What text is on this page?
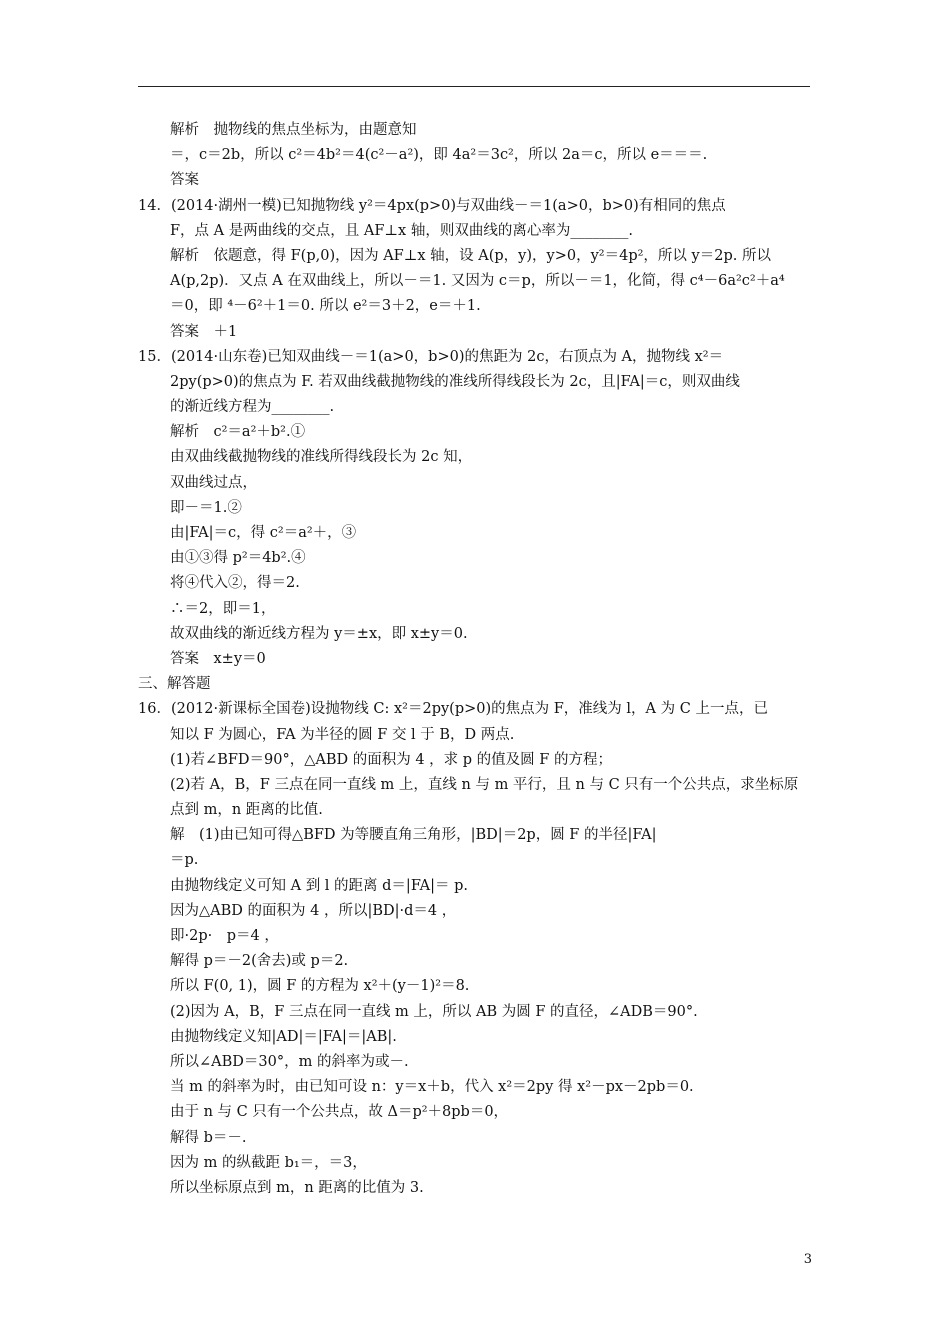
解析　抛物线的焦点坐标为，由题意知
＝，c＝2b，所以 c²＝4b²＝4(c²－a²)，即 4a²＝3c²，所以 2a＝c，所以 e＝＝＝.
答案
14．(2014·湖州一模)已知抛物线 y²＝4px(p>0)与双曲线－＝1(a>0，b>0)有相同的焦点
F，点 A 是两曲线的交点，且 AF⊥x 轴，则双曲线的离心率为________.
解析　依题意，得 F(p,0)，因为 AF⊥x 轴，设 A(p，y)，y>0，y²＝4p²，所以 y＝2p. 所以
A(p,2p)．又点 A 在双曲线上，所以－＝1. 又因为 c＝p，所以－＝1，化简，得 c⁴－6a²c²＋a⁴
＝0，即 ⁴－6²＋1＝0. 所以 e²＝3＋2，e＝＋1.
答案　＋1
15．(2014·山东卷)已知双曲线－＝1(a>0，b>0)的焦距为 2c，右顶点为 A，抛物线 x²＝
2py(p>0)的焦点为 F. 若双曲线截抛物线的准线所得线段长为 2c，且|FA|＝c，则双曲线
的渐近线方程为________.
解析　c²＝a²＋b².①
由双曲线截抛物线的准线所得线段长为 2c 知，
双曲线过点，
即－＝1.②
由|FA|＝c，得 c²＝a²＋，③
由①③得 p²＝4b².④
将④代入②，得＝2.
∴＝2，即＝1，
故双曲线的渐近线方程为 y＝±x，即 x±y＝0.
答案　x±y＝0
三、解答题
16．(2012·新课标全国卷)设抛物线 C: x²＝2py(p>0)的焦点为 F，准线为 l，A 为 C 上一点，已
知以 F 为圆心，FA 为半径的圆 F 交 l 于 B，D 两点.
(1)若∠BFD＝90°，△ABD 的面积为 4 ，求 p 的值及圆 F 的方程；
(2)若 A，B，F 三点在同一直线 m 上，直线 n 与 m 平行，且 n 与 C 只有一个公共点，求坐标原
点到 m，n 距离的比值.
解　(1)由已知可得△BFD 为等腰直角三角形，|BD|＝2p，圆 F 的半径|FA|
＝p.
由抛物线定义可知 A 到 l 的距离 d＝|FA|＝ p.
因为△ABD 的面积为 4 ，所以|BD|·d＝4 ，
即·2p·　p＝4 ，
解得 p＝－2(舍去)或 p＝2.
所以 F(0, 1)，圆 F 的方程为 x²＋(y－1)²＝8.
(2)因为 A，B，F 三点在同一直线 m 上，所以 AB 为圆 F 的直径，∠ADB＝90°.
由抛物线定义知|AD|＝|FA|＝|AB|.
所以∠ABD＝30°，m 的斜率为或－.
当 m 的斜率为时，由已知可设 n：y＝x＋b，代入 x²＝2py 得 x²－px－2pb＝0.
由于 n 与 C 只有一个公共点，故 Δ＝p²＋8pb＝0，
解得 b＝－.
因为 m 的纵截距 b₁＝，＝3，
所以坐标原点到 m，n 距离的比值为 3.
3
